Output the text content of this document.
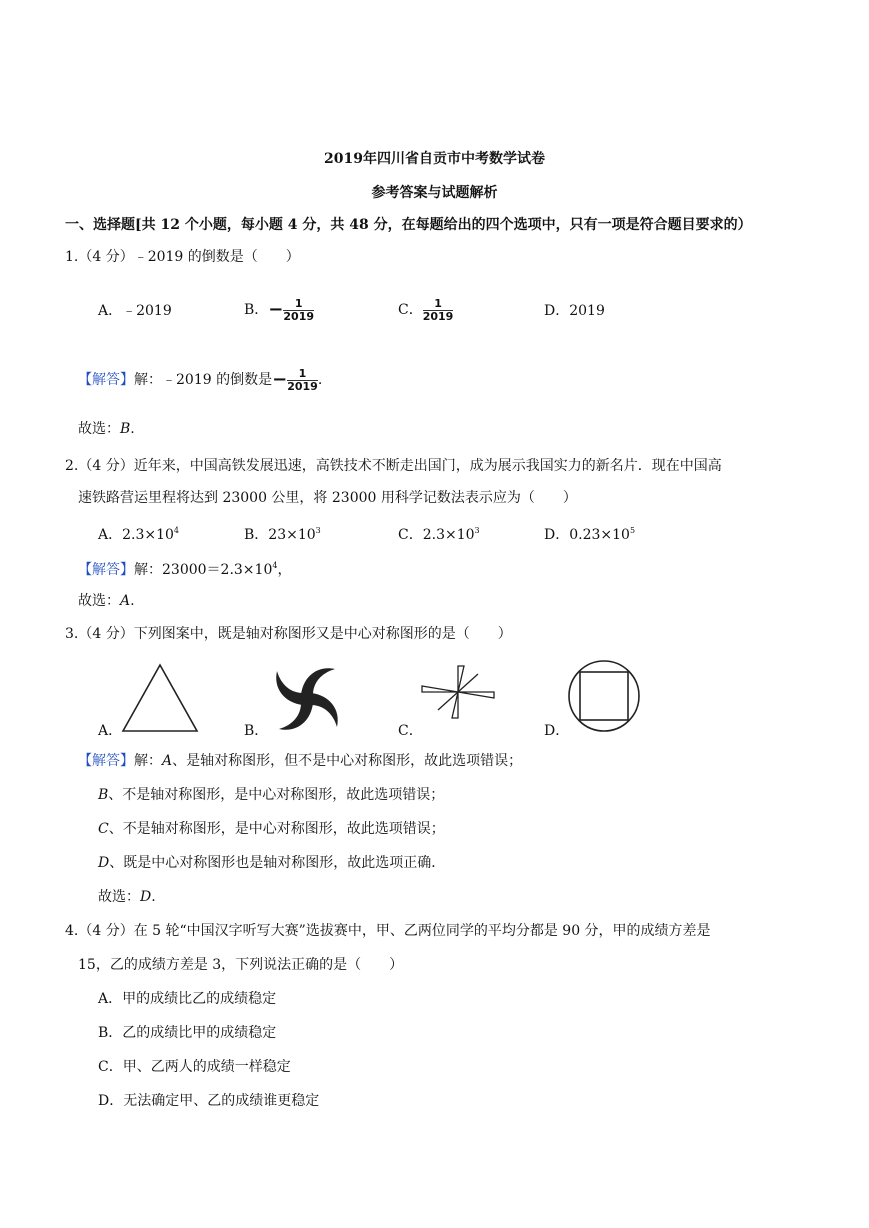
2019年四川省自贡市中考数学试卷
参考答案与试题解析
一、选择题[共 12 个小题，每小题 4 分，共 48 分，在每题给出的四个选项中，只有一项是符合题目要求的）
1.（4 分）﹣2019 的倒数是（　　）
A．﹣2019	B．− $\frac{1}{2019}$	C． $\frac{1}{2019}$	D．2019
【解答】解：﹣2019 的倒数是− $\frac{1}{2019}$ .
故选：B.
2.（4 分）近年来，中国高铁发展迅速，高铁技术不断走出国门，成为展示我国实力的新名片．现在中国高
速铁路营运里程将达到 23000 公里，将 23000 用科学记数法表示应为（　　）
A．$2.3\times 10^4$	B．$23\times 10^3$	C．$2.3\times 10^3$	D．$0.23\times 10^5$
【解答】解：$23000=2.3\times 10^4$，
故选：A.
3.（4 分）下列图案中，既是轴对称图形又是中心对称图形的是（　　）
A．	B．	C．	D．
【解答】解：A、是轴对称图形，但不是中心对称图形，故此选项错误；
B、不是轴对称图形，是中心对称图形，故此选项错误；
C、不是轴对称图形，是中心对称图形，故此选项错误；
D、既是中心对称图形也是轴对称图形，故此选项正确．
故选：D.
4.（4 分）在 5 轮“中国汉字听写大赛”选拔赛中，甲、乙两位同学的平均分都是 90 分，甲的成绩方差是
15，乙的成绩方差是 3，下列说法正确的是（　　）
A．甲的成绩比乙的成绩稳定
B．乙的成绩比甲的成绩稳定
C．甲、乙两人的成绩一样稳定
D．无法确定甲、乙的成绩谁更稳定
